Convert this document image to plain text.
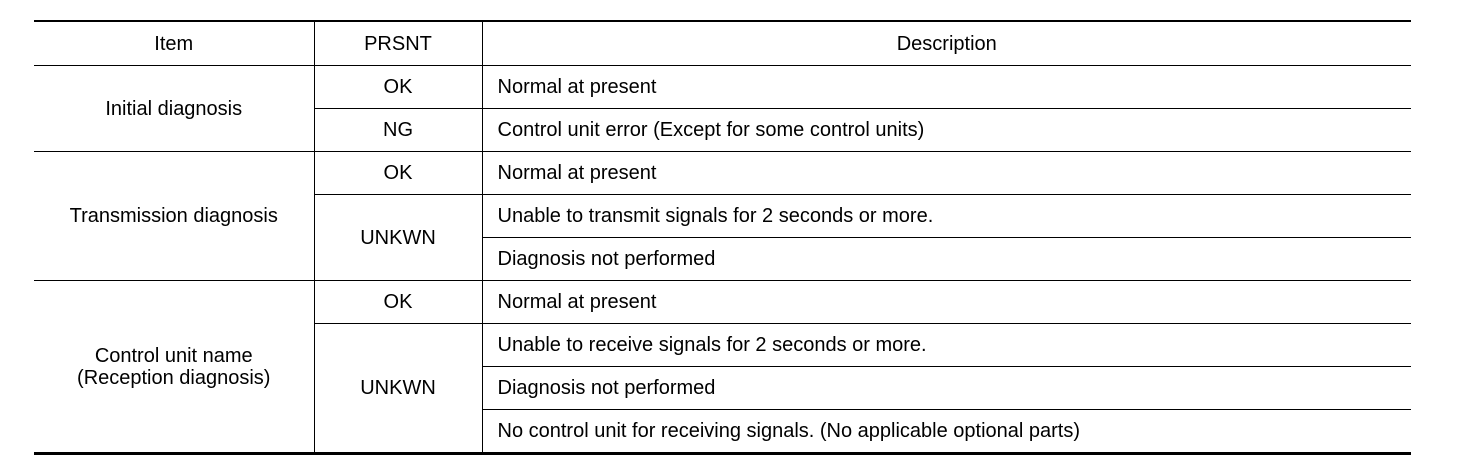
Item	PRSNT	Description

Initial diagnosis	OK	Normal at present
	NG	Control unit error (Except for some control units)

Transmission diagnosis	OK	Normal at present
	UNKWN	Unable to transmit signals for 2 seconds or more.
		Diagnosis not performed

Control unit name
(Reception diagnosis)	OK	Normal at present
	UNKWN	Unable to receive signals for 2 seconds or more.
		Diagnosis not performed
		No control unit for receiving signals. (No applicable optional parts)
